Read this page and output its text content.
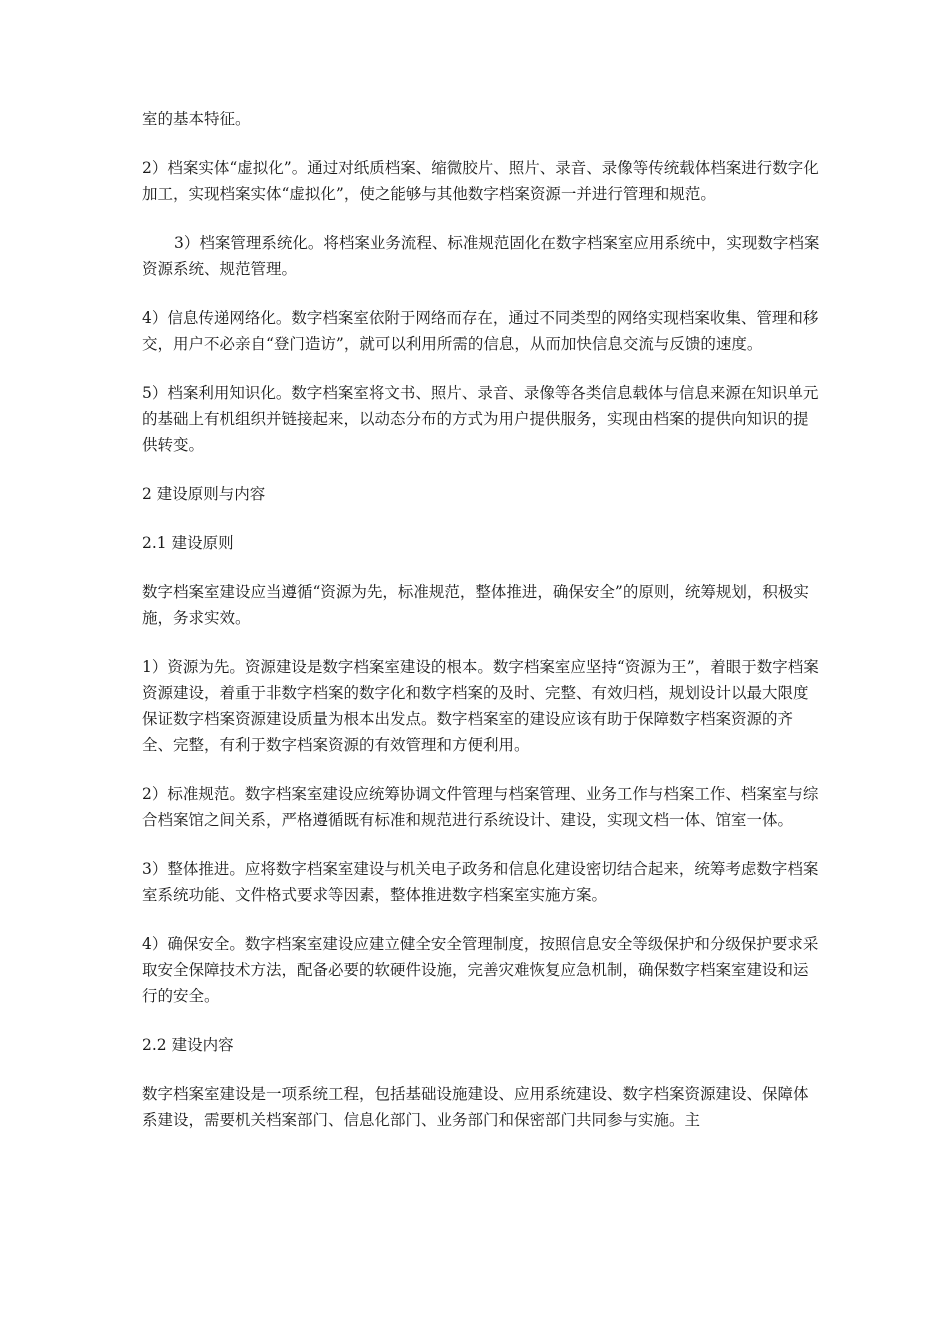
室的基本特征。

2）档案实体“虚拟化”。通过对纸质档案、缩微胶片、照片、录音、录像等传统载体档案进行数字化加工，实现档案实体“虚拟化”，使之能够与其他数字档案资源一并进行管理和规范。

3）档案管理系统化。将档案业务流程、标准规范固化在数字档案室应用系统中，实现数字档案资源系统、规范管理。

4）信息传递网络化。数字档案室依附于网络而存在，通过不同类型的网络实现档案收集、管理和移交，用户不必亲自“登门造访”，就可以利用所需的信息，从而加快信息交流与反馈的速度。

5）档案利用知识化。数字档案室将文书、照片、录音、录像等各类信息载体与信息来源在知识单元的基础上有机组织并链接起来，以动态分布的方式为用户提供服务，实现由档案的提供向知识的提供转变。

2 建设原则与内容

2.1 建设原则

数字档案室建设应当遵循“资源为先，标准规范，整体推进，确保安全”的原则，统筹规划，积极实施，务求实效。

1）资源为先。资源建设是数字档案室建设的根本。数字档案室应坚持“资源为王”，着眼于数字档案资源建设，着重于非数字档案的数字化和数字档案的及时、完整、有效归档，规划设计以最大限度保证数字档案资源建设质量为根本出发点。数字档案室的建设应该有助于保障数字档案资源的齐全、完整，有利于数字档案资源的有效管理和方便利用。

2）标准规范。数字档案室建设应统筹协调文件管理与档案管理、业务工作与档案工作、档案室与综合档案馆之间关系，严格遵循既有标准和规范进行系统设计、建设，实现文档一体、馆室一体。

3）整体推进。应将数字档案室建设与机关电子政务和信息化建设密切结合起来，统筹考虑数字档案室系统功能、文件格式要求等因素，整体推进数字档案室实施方案。

4）确保安全。数字档案室建设应建立健全安全管理制度，按照信息安全等级保护和分级保护要求采取安全保障技术方法，配备必要的软硬件设施，完善灾难恢复应急机制，确保数字档案室建设和运行的安全。

2.2 建设内容

数字档案室建设是一项系统工程，包括基础设施建设、应用系统建设、数字档案资源建设、保障体系建设，需要机关档案部门、信息化部门、业务部门和保密部门共同参与实施。主
